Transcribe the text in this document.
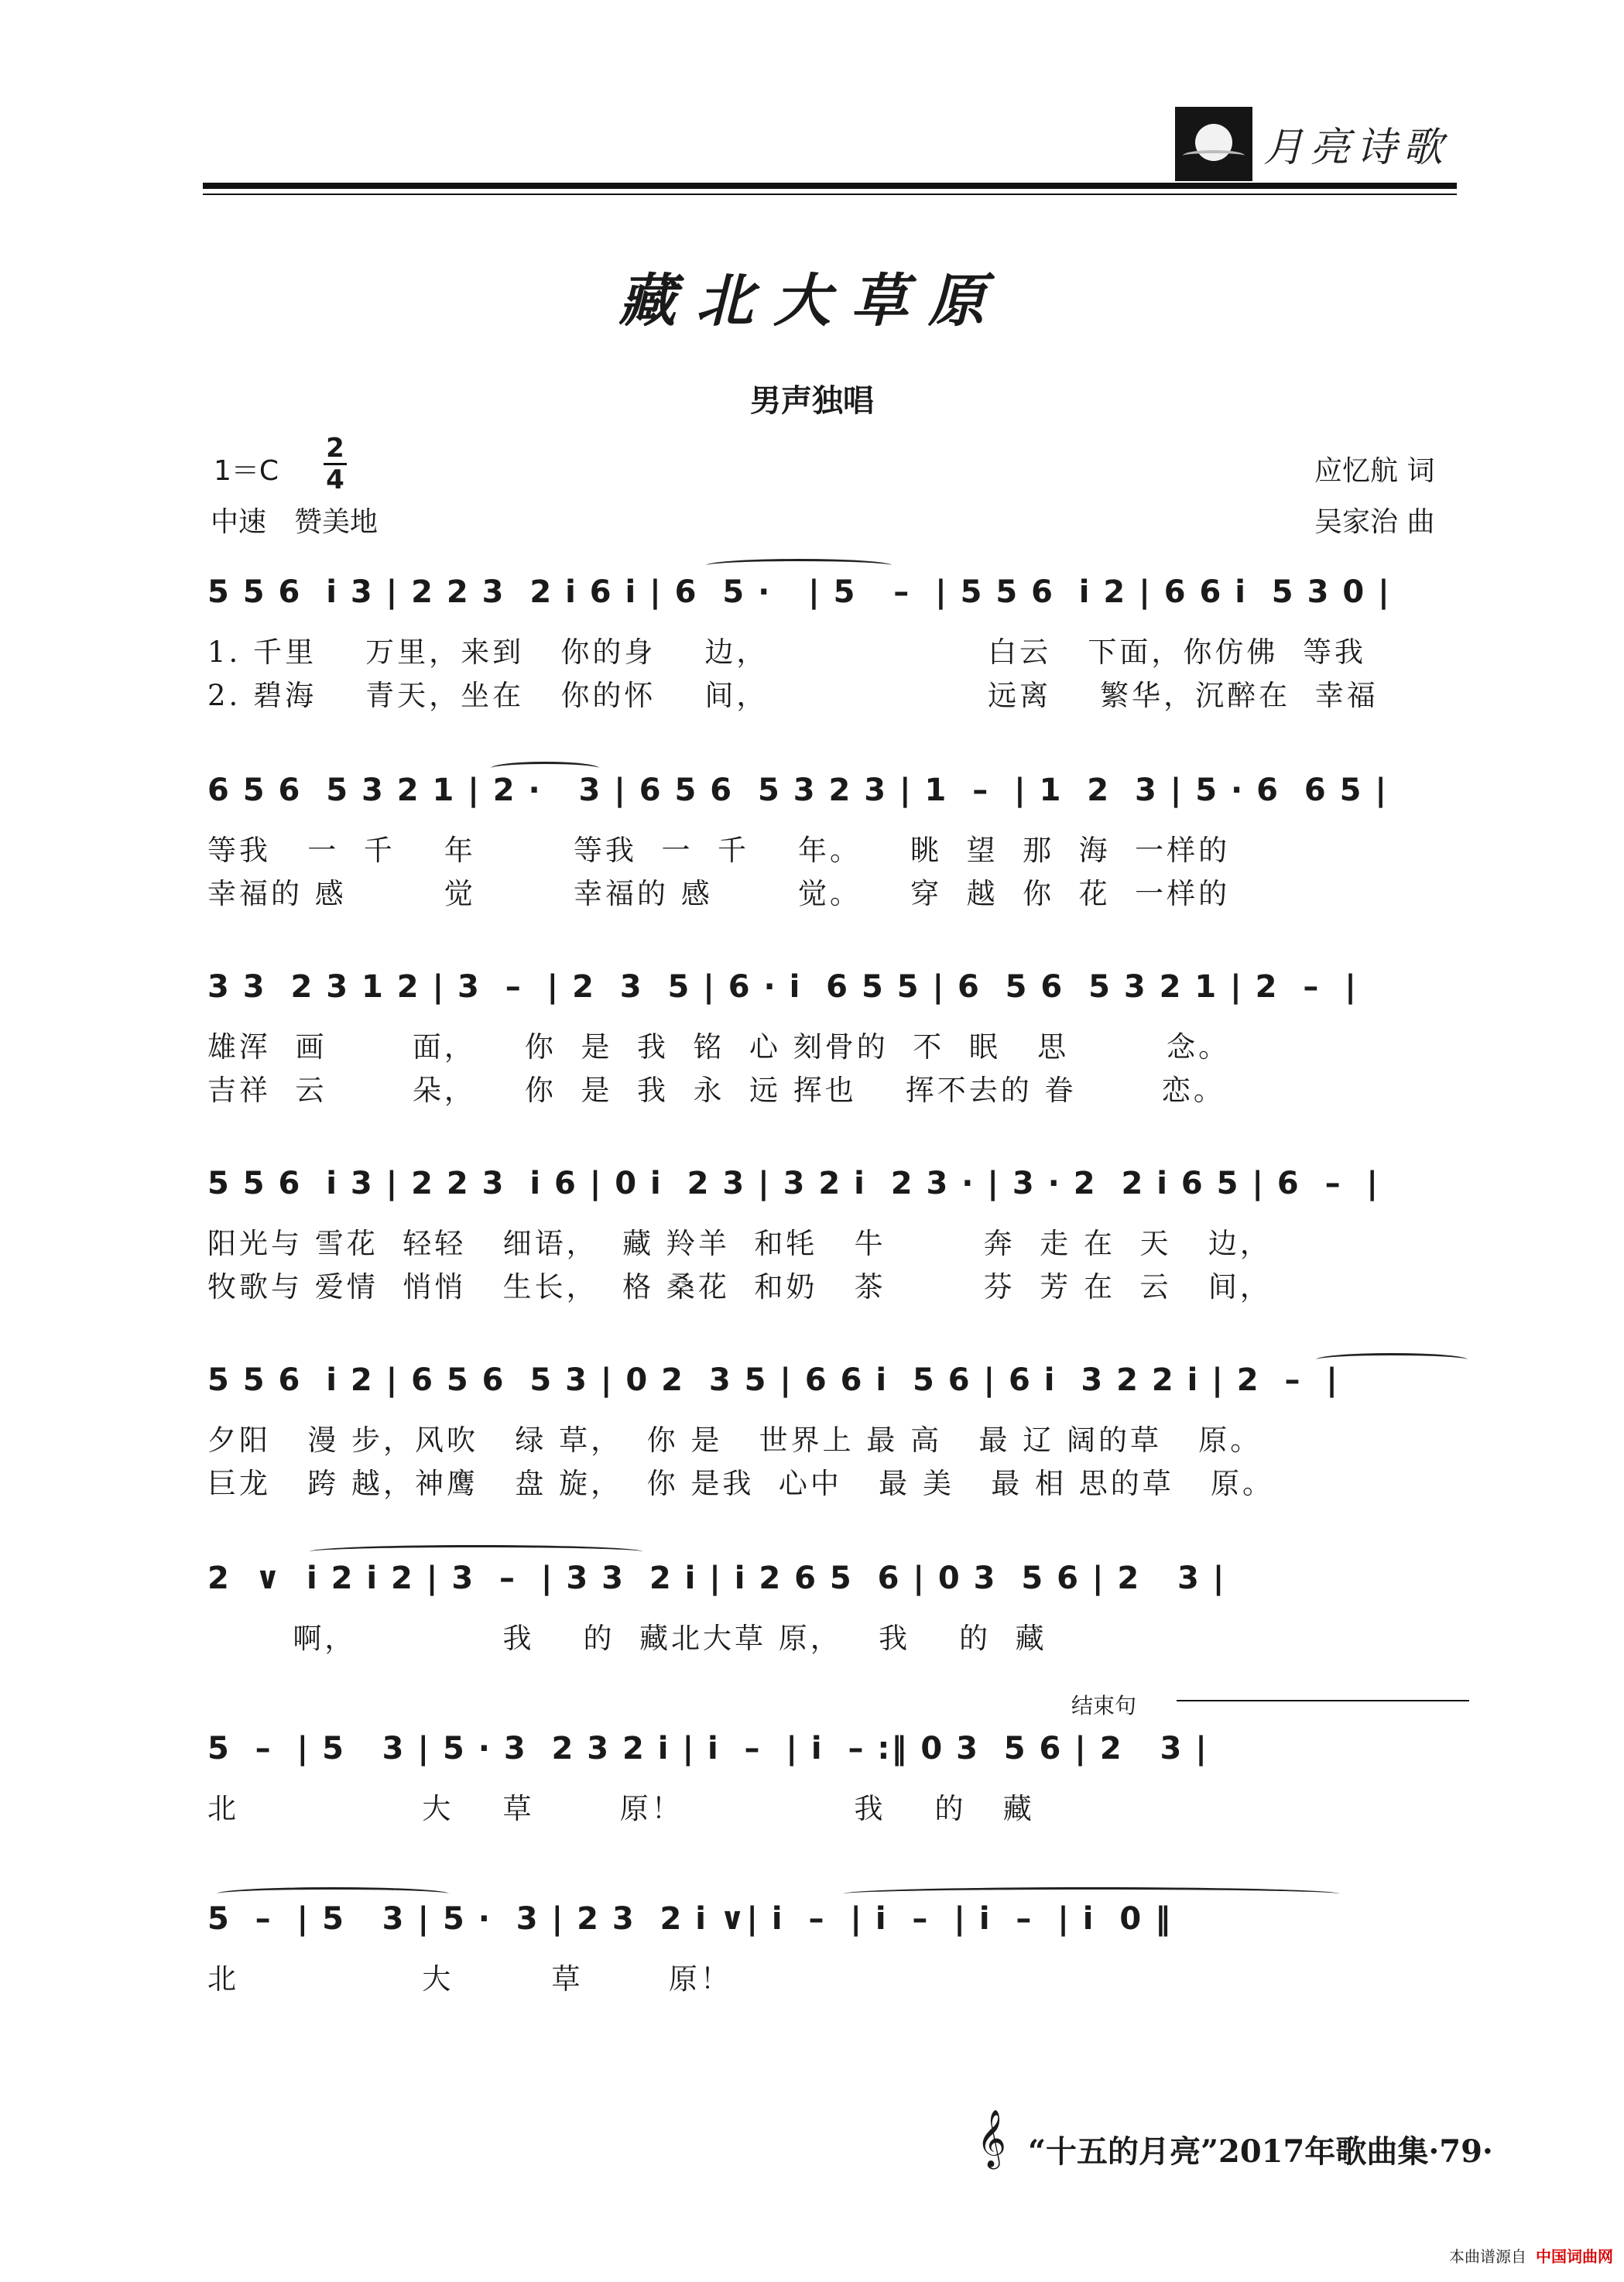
月亮诗歌
藏北大草原
男声独唱
1＝C
2
4
中速　赞美地
应忆航 词
吴家治 曲
5 5 6  i 3 | 2 2 3  2 i 6 i | 6  5 ·   | 5   –  | 5 5 6  i 2 | 6 6 i  5 3 0 |
1. 千里    万里，来到   你的身    边，                  白云   下面，你仿佛  等我
2. 碧海    青天，坐在   你的怀    间，                  远离    繁华，沉醉在  幸福
6 5 6  5 3 2 1 | 2 ·   3 | 6 5 6  5 3 2 3 | 1  –  | 1  2  3 | 5 · 6  6 5 |
等我   一  千    年        等我  一  千    年。    眺  望  那  海  一样的
幸福的 感        觉        幸福的 感       觉。    穿  越  你  花  一样的
3 3  2 3 1 2 | 3  –  | 2  3  5 | 6 · i  6 5 5 | 6  5 6  5 3 2 1 | 2  –  |
雄浑  画       面，    你  是  我  铭  心 刻骨的  不  眠   思        念。
吉祥  云       朵，    你  是  我  永  远 挥也    挥不去的 眷       恋。
5 5 6  i 3 | 2 2 3  i 6 | 0 i  2 3 | 3 2 i  2 3 · | 3 · 2  2 i 6 5 | 6  –  |
阳光与 雪花  轻轻   细语，  藏 羚羊  和牦   牛        奔  走 在  天   边，
牧歌与 爱情  悄悄   生长，  格 桑花  和奶   茶        芬  芳 在  云   间，
5 5 6  i 2 | 6 5 6  5 3 | 0 2  3 5 | 6 6 i  5 6 | 6 i  3 2 2 i | 2  –  |
夕阳   漫 步，风吹   绿 草，  你 是   世界上 最 高   最 辽 阔的草   原。
巨龙   跨 越，神鹰   盘 旋，  你 是我  心中   最 美   最 相 思的草   原。
2  ∨  i 2 i 2 | 3  –  | 3 3  2 i | i 2 6 5  6 | 0 3  5 6 | 2   3 |
啊，            我    的  藏北大草 原，   我    的  藏
结束句
5  –  | 5   3 | 5 · 3  2 3 2 i | i  –  | i  – :‖ 0 3  5 6 | 2   3 |
北               大    草       原！              我    的   藏
5  –  | 5   3 | 5 ·  3 | 2 3  2 i ∨| i  –  | i  –  | i  –  | i  0 ‖
北               大        草       原！
𝄞 “十五的月亮”2017年歌曲集·79·
本曲谱源自 中国词曲网
